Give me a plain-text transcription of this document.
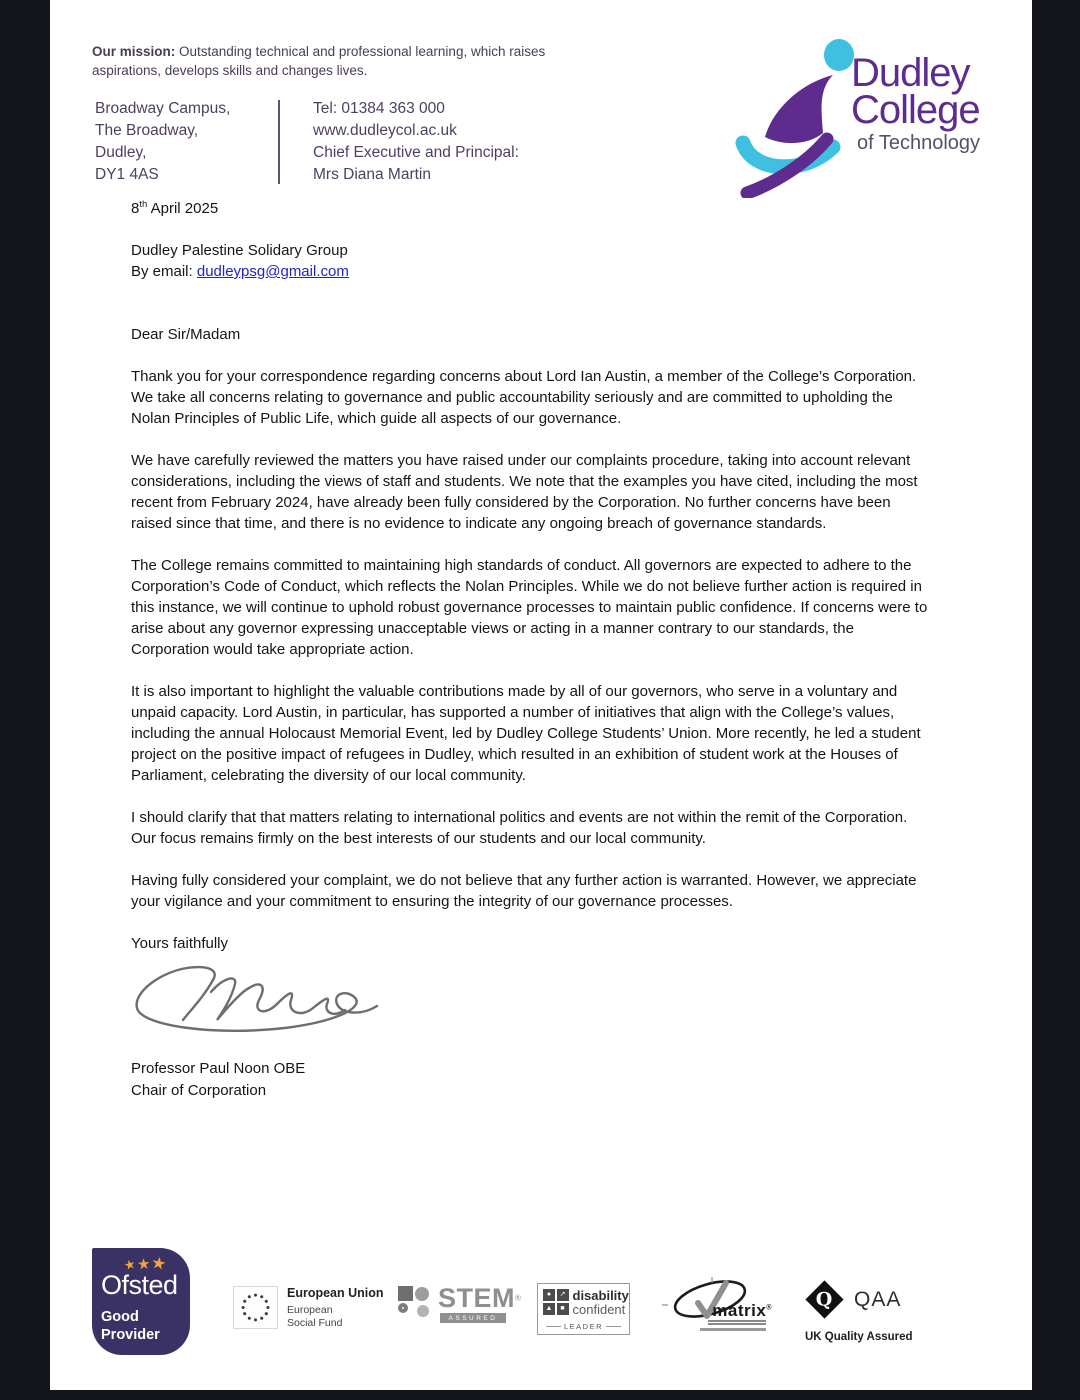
Our mission: Outstanding technical and professional learning, which raises aspirations, develops skills and changes lives.
Broadway Campus,
The Broadway,
Dudley,
DY1 4AS
Tel: 01384 363 000
www.dudleycol.ac.uk
Chief Executive and Principal:
Mrs Diana Martin
Dudley
College
of Technology
8th April 2025
Dudley Palestine Solidary Group
By email: dudleypsg@gmail.com
Dear Sir/Madam

Thank you for your correspondence regarding concerns about Lord Ian Austin, a member of the College’s Corporation. We take all concerns relating to governance and public accountability seriously and are committed to upholding the Nolan Principles of Public Life, which guide all aspects of our governance.

We have carefully reviewed the matters you have raised under our complaints procedure, taking into account relevant considerations, including the views of staff and students. We note that the examples you have cited, including the most recent from February 2024, have already been fully considered by the Corporation. No further concerns have been raised since that time, and there is no evidence to indicate any ongoing breach of governance standards.

The College remains committed to maintaining high standards of conduct. All governors are expected to adhere to the Corporation’s Code of Conduct, which reflects the Nolan Principles. While we do not believe further action is required in this instance, we will continue to uphold robust governance processes to maintain public confidence. If concerns were to arise about any governor expressing unacceptable views or acting in a manner contrary to our standards, the Corporation would take appropriate action.

It is also important to highlight the valuable contributions made by all of our governors, who serve in a voluntary and unpaid capacity. Lord Austin, in particular, has supported a number of initiatives that align with the College’s values, including the annual Holocaust Memorial Event, led by Dudley College Students’ Union. More recently, he led a student project on the positive impact of refugees in Dudley, which resulted in an exhibition of student work at the Houses of Parliament, celebrating the diversity of our local community.

I should clarify that that matters relating to international politics and events are not within the remit of the Corporation. Our focus remains firmly on the best interests of our students and our local community.

Having fully considered your complaint, we do not believe that any further action is warranted. However, we appreciate your vigilance and your commitment to ensuring the integrity of our governance processes.

Yours faithfully
Professor Paul Noon OBE
Chair of Corporation
★★★
Ofsted
Good
Provider
European Union
European
Social Fund
STEM®
ASSURED
●	↗
▲	■
disability
confident
LEADER
matrix® Q QAA
UK Quality Assured
